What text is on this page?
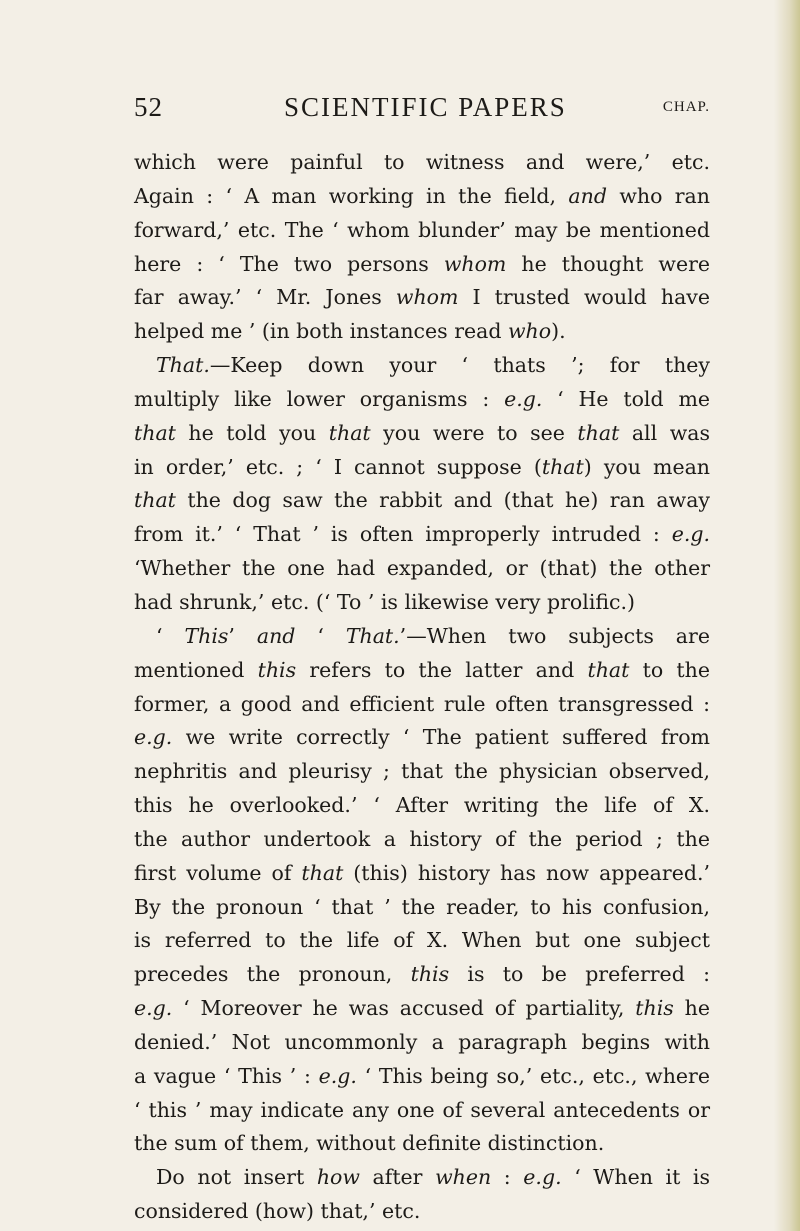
52	SCIENTIFIC PAPERS	CHAP.
which were painful to witness and were,’ etc.
Again : ‘ A man working in the field, and who ran
forward,’ etc. The ‘ whom blunder’ may be mentioned
here : ‘ The two persons whom he thought were
far away.’ ‘ Mr. Jones whom I trusted would have
helped me ’ (in both instances read who).
That.—Keep down your ‘ thats ’; for they
multiply like lower organisms : e.g. ‘ He told me
that he told you that you were to see that all was
in order,’ etc. ; ‘ I cannot suppose (that) you mean
that the dog saw the rabbit and (that he) ran away
from it.’ ‘ That ’ is often improperly intruded : e.g.
‘Whether the one had expanded, or (that) the other
had shrunk,’ etc. (‘ To ’ is likewise very prolific.)
‘ This’ and ‘ That.’—When two subjects are
mentioned this refers to the latter and that to the
former, a good and efficient rule often transgressed :
e.g. we write correctly ‘ The patient suffered from
nephritis and pleurisy ; that the physician observed,
this he overlooked.’ ‘ After writing the life of X.
the author undertook a history of the period ; the
first volume of that (this) history has now appeared.’
By the pronoun ‘ that ’ the reader, to his confusion,
is referred to the life of X. When but one subject
precedes the pronoun, this is to be preferred :
e.g. ‘ Moreover he was accused of partiality, this he
denied.’ Not uncommonly a paragraph begins with
a vague ‘ This ’ : e.g. ‘ This being so,’ etc., etc., where
‘ this ’ may indicate any one of several antecedents or
the sum of them, without definite distinction.
Do not insert how after when : e.g. ‘ When it is
considered (how) that,’ etc.
